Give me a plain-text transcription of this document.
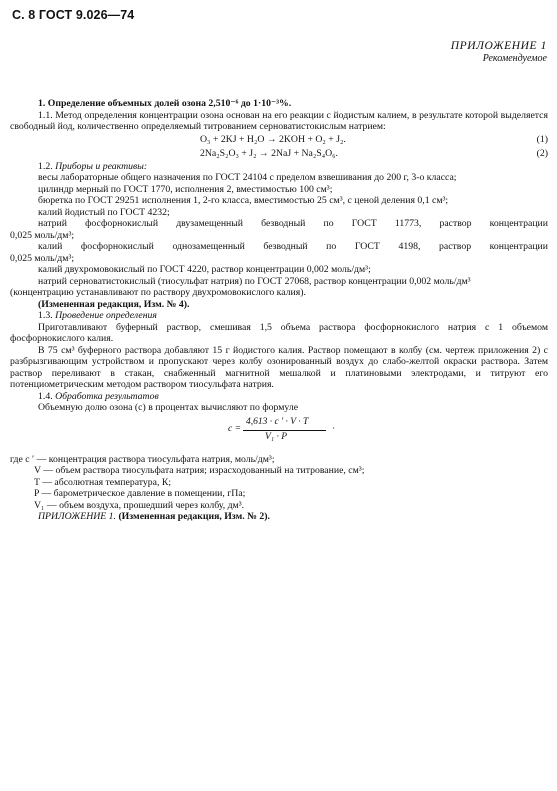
С. 8 ГОСТ 9.026—74
ПРИЛОЖЕНИЕ 1
Рекомендуемое

1. Определение объемных долей озона 2,510⁻⁶ до 1·10⁻³%.

1.1. Метод определения концентрации озона основан на его реакции с йодистым калием, в результате которой выделяется свободный йод, количественно определяемый титрованием серноватистокислым натрием:

O₃ + 2KJ + H₂O → 2KOH + O₂ + J₂.	(1)
2Na₂S₂O₃ + J₂ → 2NaJ + Na₂S₄O₆.	(2)

1.2. Приборы и реактивы:

весы лабораторные общего назначения по ГОСТ 24104 с пределом взвешивания до 200 г, 3-о класса;

цилиндр мерный по ГОСТ 1770, исполнения 2, вместимостью 100 см³;

бюретка по ГОСТ 29251 исполнения 1, 2-го класса, вместимостью 25 см³, с ценой деления 0,1 см³;

калий йодистый по ГОСТ 4232;

натрий фосфорнокислый двузамещенный безводный по ГОСТ 11773, раствор концентрации

0,025 моль/дм³;

калий фосфорнокислый однозамещенный безводный по ГОСТ 4198, раствор концентрации

0,025 моль/дм³;

калий двухромовокислый по ГОСТ 4220, раствор концентрации 0,002 моль/дм³;

натрий серноватистокислый (тиосульфат натрия) по ГОСТ 27068, раствор концентрации 0,002 моль/дм³

(концентрацию устанавливают по раствору двухромовокислого калия).

(Измененная редакция, Изм. № 4).

1.3. Проведение определения

Приготавливают буферный раствор, смешивая 1,5 объема раствора фосфорнокислого натрия с 1 объемом фосфорнокислого калия.

В 75 см³ буферного раствора добавляют 15 г йодистого калия. Раствор помещают в колбу (см. чертеж приложения 2) с разбрызгивающим устройством и пропускают через колбу озонированный воздух до слабо-желтой окраски раствора. Затем раствор переливают в стакан, снабженный магнитной мешалкой и платиновыми электродами, и титруют его потенциометрическим методом раствором тиосульфата натрия.

1.4. Обработка результатов

Объемную долю озона (с) в процентах вычисляют по формуле

c =
4,613 · c ′ · V · T
V₁ · P
·

где c ′ — концентрация раствора тиосульфата натрия, моль/дм³;

V — объем раствора тиосульфата натрия; израсходованный на титрование, см³;

T — абсолютная температура, К;

P — барометрическое давление в помещении, гПа;

V₁ — объем воздуха, прошедший через колбу, дм³.

ПРИЛОЖЕНИЕ 1. (Измененная редакция, Изм. № 2).
